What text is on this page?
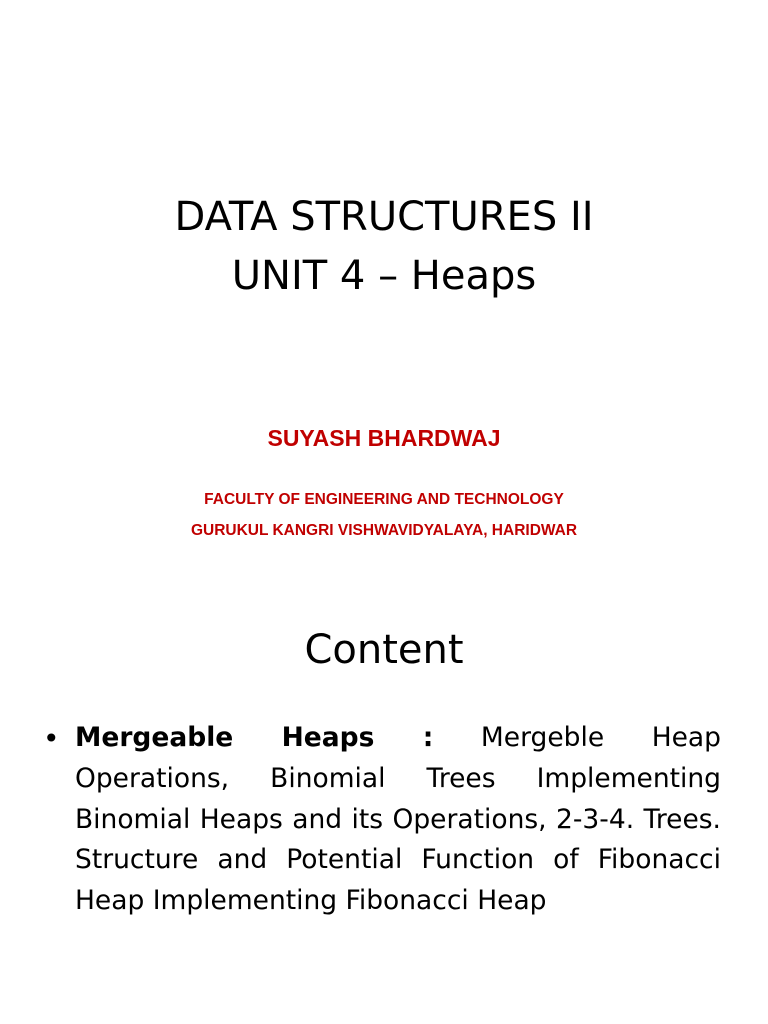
DATA STRUCTURES II
UNIT 4 – Heaps
SUYASH BHARDWAJ
FACULTY OF ENGINEERING AND TECHNOLOGY
GURUKUL KANGRI VISHWAVIDYALAYA, HARIDWAR
Content
• Mergeable Heaps : Mergeble Heap Operations, Binomial Trees Implementing Binomial Heaps and its Operations, 2-3-4. Trees. Structure and Potential Function of Fibonacci Heap Implementing Fibonacci Heap
